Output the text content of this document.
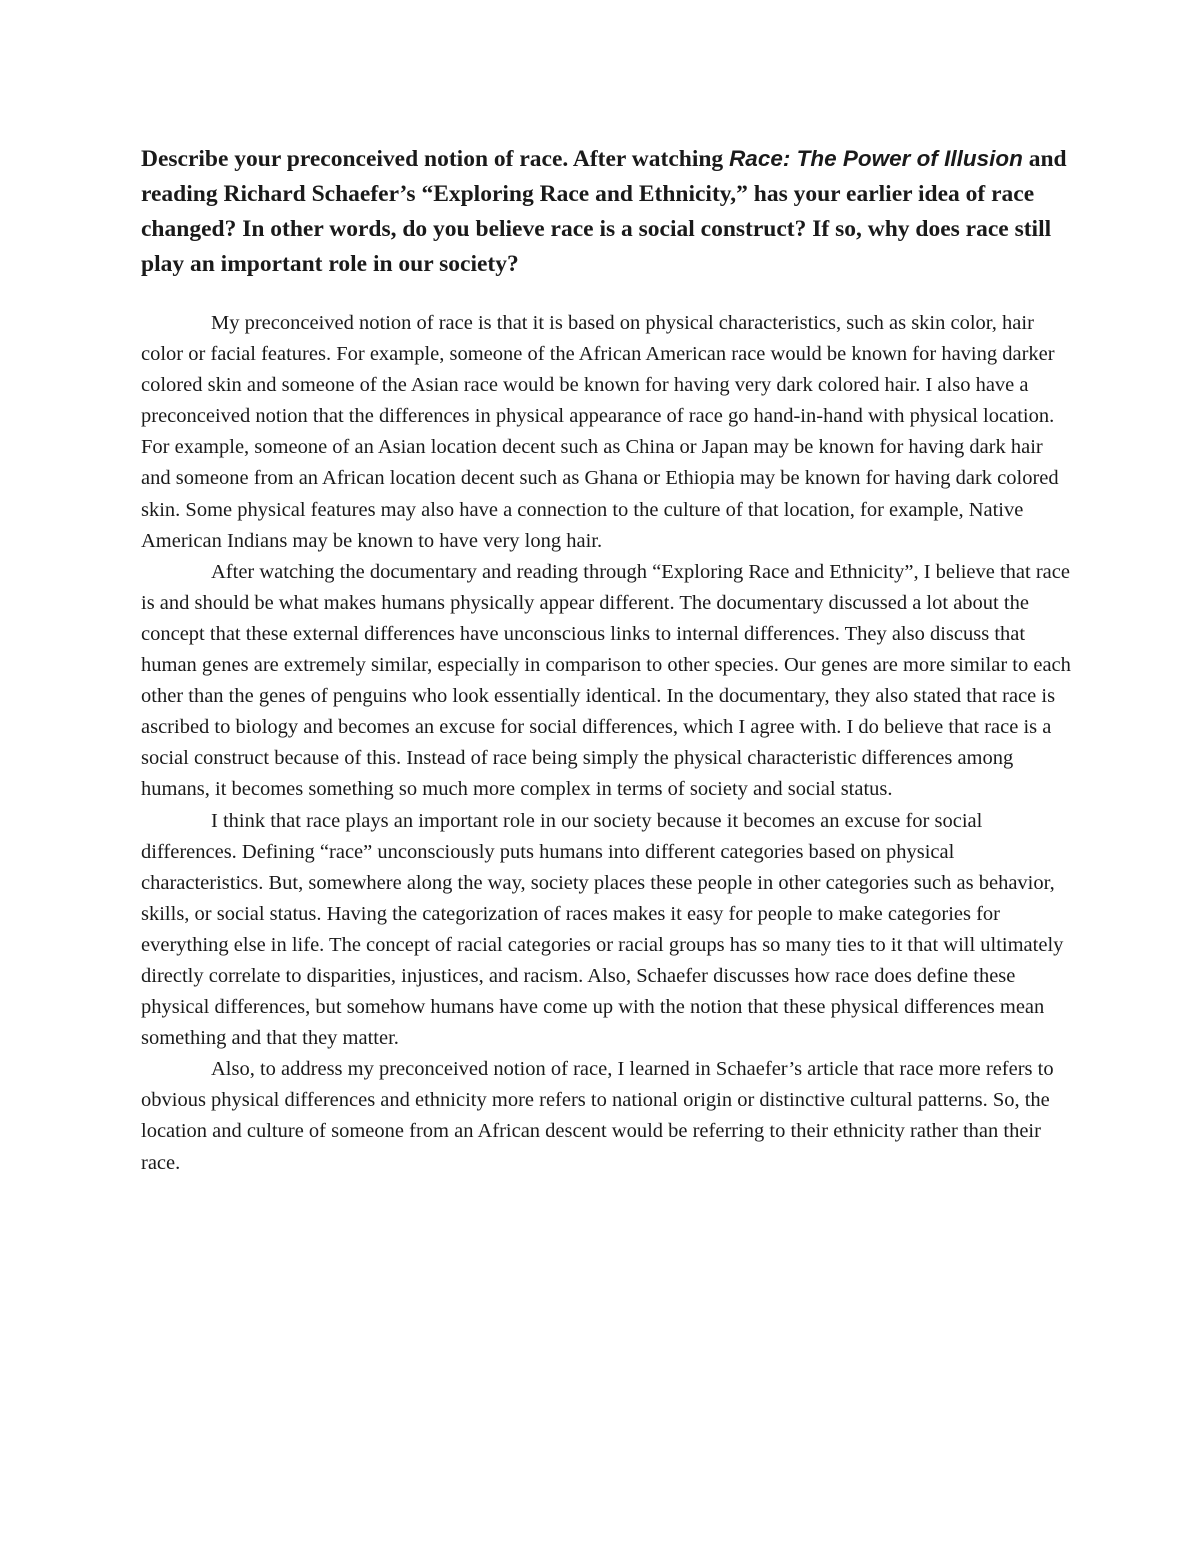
Describe your preconceived notion of race. After watching Race: The Power of Illusion and reading Richard Schaefer’s “Exploring Race and Ethnicity,” has your earlier idea of race changed? In other words, do you believe race is a social construct? If so, why does race still play an important role in our society?

My preconceived notion of race is that it is based on physical characteristics, such as skin color, hair color or facial features. For example, someone of the African American race would be known for having darker colored skin and someone of the Asian race would be known for having very dark colored hair. I also have a preconceived notion that the differences in physical appearance of race go hand-in-hand with physical location. For example, someone of an Asian location decent such as China or Japan may be known for having dark hair and someone from an African location decent such as Ghana or Ethiopia may be known for having dark colored skin. Some physical features may also have a connection to the culture of that location, for example, Native American Indians may be known to have very long hair.

After watching the documentary and reading through “Exploring Race and Ethnicity”, I believe that race is and should be what makes humans physically appear different. The documentary discussed a lot about the concept that these external differences have unconscious links to internal differences. They also discuss that human genes are extremely similar, especially in comparison to other species. Our genes are more similar to each other than the genes of penguins who look essentially identical. In the documentary, they also stated that race is ascribed to biology and becomes an excuse for social differences, which I agree with. I do believe that race is a social construct because of this. Instead of race being simply the physical characteristic differences among humans, it becomes something so much more complex in terms of society and social status.

I think that race plays an important role in our society because it becomes an excuse for social differences. Defining “race” unconsciously puts humans into different categories based on physical characteristics. But, somewhere along the way, society places these people in other categories such as behavior, skills, or social status. Having the categorization of races makes it easy for people to make categories for everything else in life. The concept of racial categories or racial groups has so many ties to it that will ultimately directly correlate to disparities, injustices, and racism. Also, Schaefer discusses how race does define these physical differences, but somehow humans have come up with the notion that these physical differences mean something and that they matter.

Also, to address my preconceived notion of race, I learned in Schaefer’s article that race more refers to obvious physical differences and ethnicity more refers to national origin or distinctive cultural patterns. So, the location and culture of someone from an African descent would be referring to their ethnicity rather than their race.
